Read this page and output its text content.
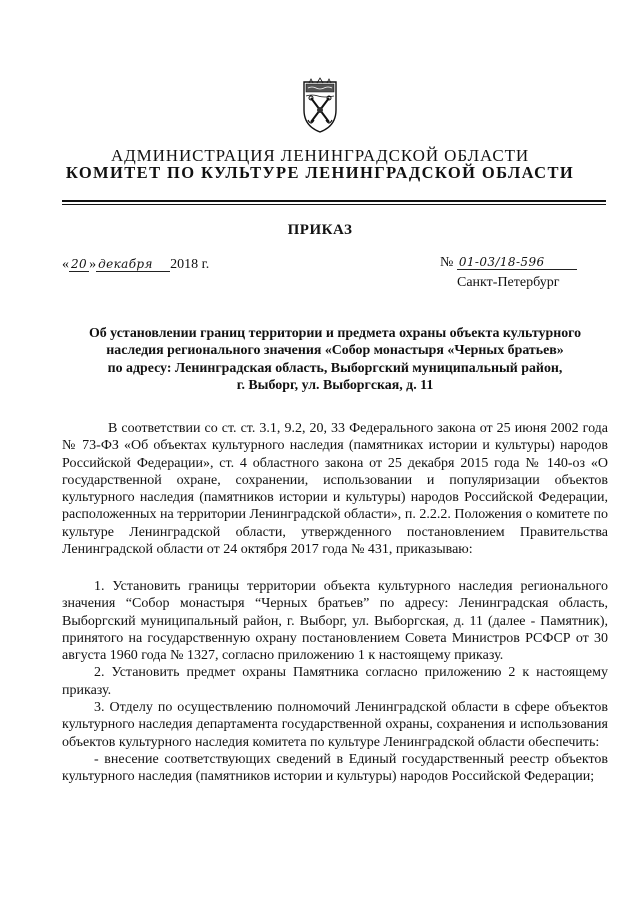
АДМИНИСТРАЦИЯ ЛЕНИНГРАДСКОЙ ОБЛАСТИ
КОМИТЕТ ПО КУЛЬТУРЕ ЛЕНИНГРАДСКОЙ ОБЛАСТИ
ПРИКАЗ
« 20 » декабря 2018 г.	№ 01-03/18-596
Санкт-Петербург
Об установлении границ территории и предмета охраны объекта культурного
наследия регионального значения «Собор монастыря «Черных братьев»
по адресу: Ленинградская область, Выборгский муниципальный район,
г. Выборг, ул. Выборгская, д. 11

В соответствии со ст. ст. 3.1, 9.2, 20, 33 Федерального закона от 25 июня 2002 года № 73-ФЗ «Об объектах культурного наследия (памятниках истории и культуры) народов Российской Федерации», ст. 4 областного закона от 25 декабря 2015 года № 140-оз «О государственной охране, сохранении, использовании и популяризации объектов культурного наследия (памятников истории и культуры) народов Российской Федерации, расположенных на территории Ленинградской области», п. 2.2.2. Положения о комитете по культуре Ленинградской области, утвержденного постановлением Правительства Ленинградской области от 24 октября 2017 года № 431, приказываю:

1. Установить границы территории объекта культурного наследия регионального значения “Собор монастыря “Черных братьев” по адресу: Ленинградская область, Выборгский муниципальный район, г. Выборг, ул. Выборгская, д. 11 (далее - Памятник), принятого на государственную охрану постановлением Совета Министров РСФСР от 30 августа 1960 года № 1327, согласно приложению 1 к настоящему приказу.

2. Установить предмет охраны Памятника согласно приложению 2 к настоящему приказу.

3. Отделу по осуществлению полномочий Ленинградской области в сфере объектов культурного наследия департамента государственной охраны, сохранения и использования объектов культурного наследия комитета по культуре Ленинградской области обеспечить:

- внесение соответствующих сведений в Единый государственный реестр объектов культурного наследия (памятников истории и культуры) народов Российской Федерации;
